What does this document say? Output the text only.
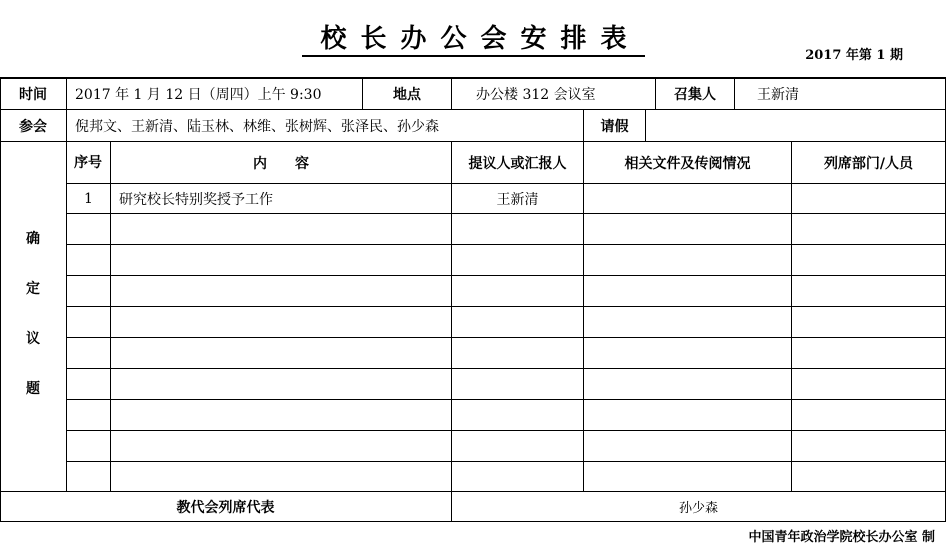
校长办公会安排表
2017 年第 1 期
时间	2017 年 1 月 12 日（周四）上午 9:30	地点	办公楼 312 会议室	召集人	王新清
参会	倪邦文、王新清、陆玉林、林维、张树辉、张泽民、孙少森	请假
序号	内　　容	提议人或汇报人	相关文件及传阅情况	列席部门/人员
确
定
议
题
1	研究校长特别奖授予工作	王新清
教代会列席代表	孙少森
中国青年政治学院校长办公室 制
